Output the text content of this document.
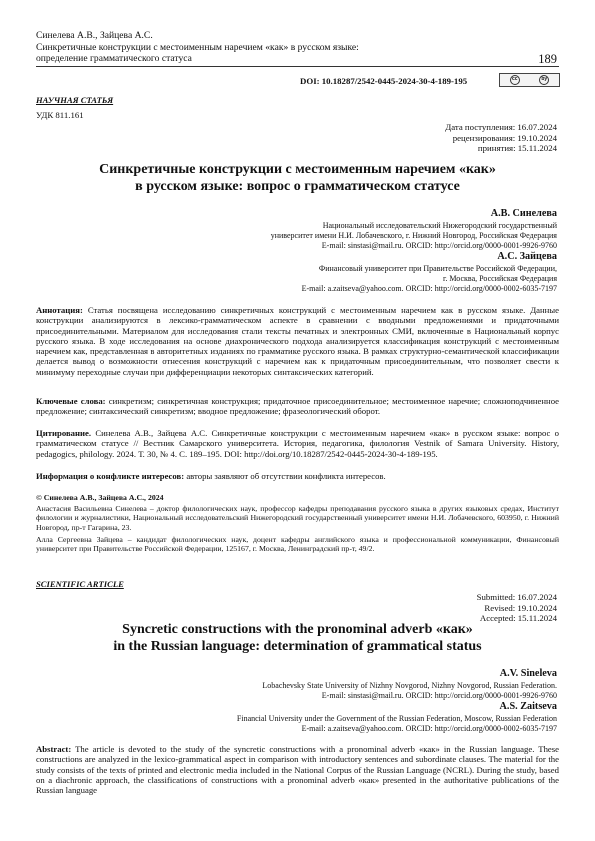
Синелева А.В., Зайцева А.С.
Синкретичные конструкции с местоименным наречием «как» в русском языке:
определение грамматического статуса	189
DOI: 10.18287/2542-0445-2024-30-4-189-195	cc	by
НАУЧНАЯ СТАТЬЯ
УДК 811.161
Дата поступления: 16.07.2024
рецензирования: 19.10.2024
принятия: 15.11.2024
Синкретичные конструкции с местоименным наречием «как»
в русском языке: вопрос о грамматическом статусе
А.В. Синелева
Национальный исследовательский Нижегородский государственный
университет имени Н.И. Лобачевского, г. Нижний Новгород, Российская Федерация
E-mail: sinstasi@mail.ru. ORCID: http://orcid.org/0000-0001-9926-9760
А.С. Зайцева
Финансовый университет при Правительстве Российской Федерации,
г. Москва, Российская Федерация
E-mail: a.zaitseva@yahoo.com. ORCID: http://orcid.org/0000-0002-6035-7197
Аннотация: Статья посвящена исследованию синкретичных конструкций с местоименным наречием как в русском языке. Данные конструкции анализируются в лексико-грамматическом аспекте в сравнении с вводными предложениями и придаточными присоединительными. Материалом для исследования стали тексты печатных и электронных СМИ, включенные в Национальный корпус русского языка. В ходе исследования на основе диахронического подхода анализируется классификация конструкций с местоименным наречием как, представленная в авторитетных изданиях по грамматике русского языка. В рамках структурно-семантической классификации делается вывод о возможности отнесения конструкций с наречием как к придаточным присоединительным, что позволяет свести к минимуму переходные случаи при дифференциации некоторых синтаксических категорий.
Ключевые слова: синкретизм; синкретичная конструкция; придаточное присоединительное; местоименное наречие; сложноподчиненное предложение; синтаксический синкретизм; вводное предложение; фразеологический оборот.
Цитирование. Синелева А.В., Зайцева А.С. Синкретичные конструкции с местоименным наречием «как» в русском языке: вопрос о грамматическом статусе // Вестник Самарского университета. История, педагогика, филология Vestnik of Samara University. History, pedagogics, philology. 2024. Т. 30, № 4. С. 189–195. DOI: http://doi.org/10.18287/2542-0445-2024-30-4-189-195.
Информация о конфликте интересов: авторы заявляют об отсутствии конфликта интересов.
© Синелева А.В., Зайцева А.С., 2024
Анастасия Васильевна Синелева – доктор филологических наук, профессор кафедры преподавания русского языка в других языковых средах, Институт филологии и журналистики, Национальный исследовательский Нижегородский государственный университет имени Н.И. Лобачевского, 603950, г. Нижний Новгород, пр-т Гагарина, 23.
Алла Сергеевна Зайцева – кандидат филологических наук, доцент кафедры английского языка и профессиональной коммуникации, Финансовый университет при Правительстве Российской Федерации, 125167, г. Москва, Ленинградский пр-т, 49/2.
SCIENTIFIC ARTICLE
Submitted: 16.07.2024
Revised: 19.10.2024
Accepted: 15.11.2024
Syncretic constructions with the pronominal adverb «как»
in the Russian language: determination of grammatical status
A.V. Sineleva
Lobachevsky State University of Nizhny Novgorod, Nizhny Novgorod, Russian Federation.
E-mail: sinstasi@mail.ru. ORCID: http://orcid.org/0000-0001-9926-9760
A.S. Zaitseva
Financial University under the Government of the Russian Federation, Moscow, Russian Federation
E-mail: a.zaitseva@yahoo.com. ORCID: http://orcid.org/0000-0002-6035-7197
Abstract: The article is devoted to the study of the syncretic constructions with a pronominal adverb «как» in the Russian language. These constructions are analyzed in the lexico-grammatical aspect in comparison with introductory sentences and subordinate clauses. The material for the study consists of the texts of printed and electronic media included in the National Corpus of the Russian Language (NCRL). During the study, based on a diachronic approach, the classifications of constructions with a pronominal adverb «как» presented in the authoritative publications of the Russian language
